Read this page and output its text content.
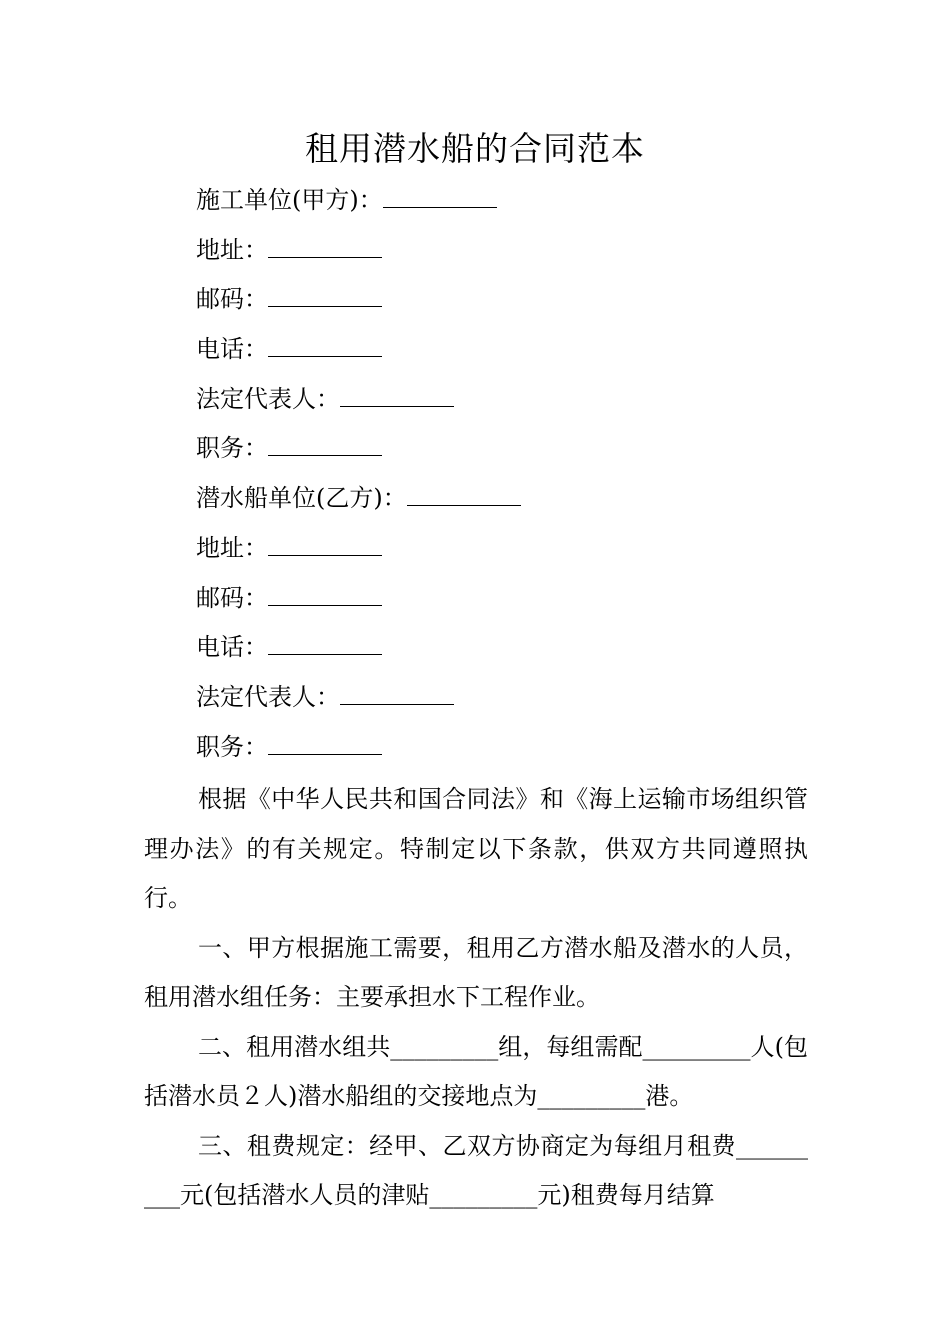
租用潜水船的合同范本
施工单位(甲方)：
地址：
邮码：
电话：
法定代表人：
职务：
潜水船单位(乙方)：
地址：
邮码：
电话：
法定代表人：
职务：

根据《中华人民共和国合同法》和《海上运输市场组织管理办法》的有关规定。特制定以下条款，供双方共同遵照执行。

一、甲方根据施工需要，租用乙方潜水船及潜水的人员，租用潜水组任务：主要承担水下工程作业。

二、租用潜水组共_________组，每组需配_________人(包括潜水员２人)潜水船组的交接地点为_________港。

三、租费规定：经甲、乙双方协商定为每组月租费_________元(包括潜水人员的津贴_________元)租费每月结算
